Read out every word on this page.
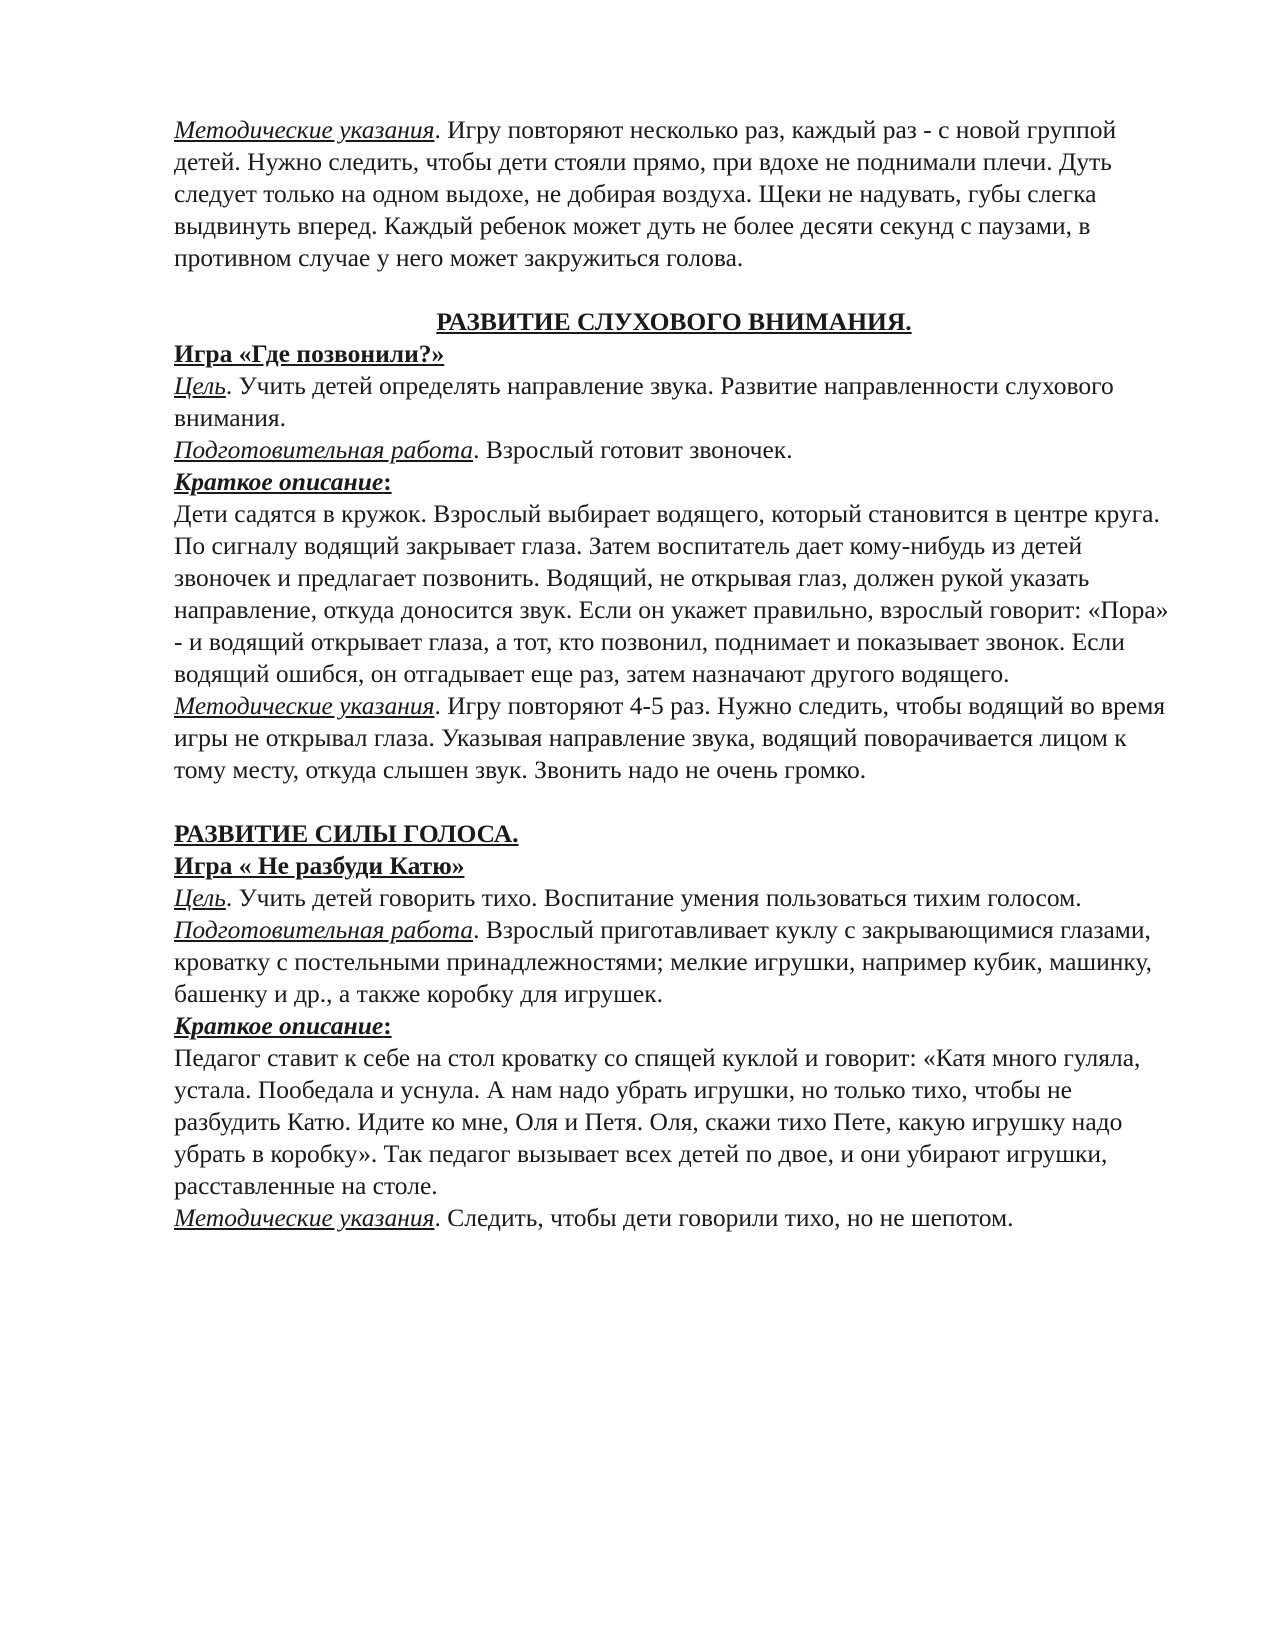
Методические указания. Игру повторяют несколько раз, каждый раз - с новой группой детей. Нужно следить, чтобы дети стояли прямо, при вдохе не поднимали плечи. Дуть следует только на одном выдохе, не добирая воздуха. Щеки не надувать, губы слегка выдвинуть вперед. Каждый ребенок может дуть не более десяти секунд с паузами, в противном случае у него может закружиться голова.

РАЗВИТИЕ СЛУХОВОГО ВНИМАНИЯ.

Игра «Где позвонили?»

Цель. Учить детей определять направление звука. Развитие направленности слухового внимания.

Подготовительная работа. Взрослый готовит звоночек.

Краткое описание:

Дети садятся в кружок. Взрослый выбирает водящего, который становится в центре круга. По сигналу водящий закрывает глаза. Затем воспитатель дает кому-нибудь из детей звоночек и предлагает позвонить. Водящий, не открывая глаз, должен рукой указать направление, откуда доносится звук. Если он укажет правильно, взрослый говорит: «Пора» - и водящий открывает глаза, а тот, кто позвонил, поднимает и показывает звонок. Если водящий ошибся, он отгадывает еще раз, затем назначают другого водящего.

Методические указания. Игру повторяют 4-5 раз. Нужно следить, чтобы водящий во время игры не открывал глаза. Указывая направление звука, водящий поворачивается лицом к тому месту, откуда слышен звук. Звонить надо не очень громко.

РАЗВИТИЕ СИЛЫ ГОЛОСА.

Игра « Не разбуди Катю»

Цель. Учить детей говорить тихо. Воспитание умения пользоваться тихим голосом.

Подготовительная работа. Взрослый приготавливает куклу с закрывающимися глазами, кроватку с постельными принадлежностями; мелкие игрушки, например кубик, машинку, башенку и др., а также коробку для игрушек.

Краткое описание:

Педагог ставит к себе на стол кроватку со спящей куклой и говорит: «Катя много гуляла, устала. Пообедала и уснула. А нам надо убрать игрушки, но только тихо, чтобы не разбудить Катю. Идите ко мне, Оля и Петя. Оля, скажи тихо Пете, какую игрушку надо убрать в коробку». Так педагог вызывает всех детей по двое, и они убирают игрушки, расставленные на столе.

Методические указания. Следить, чтобы дети говорили тихо, но не шепотом.
